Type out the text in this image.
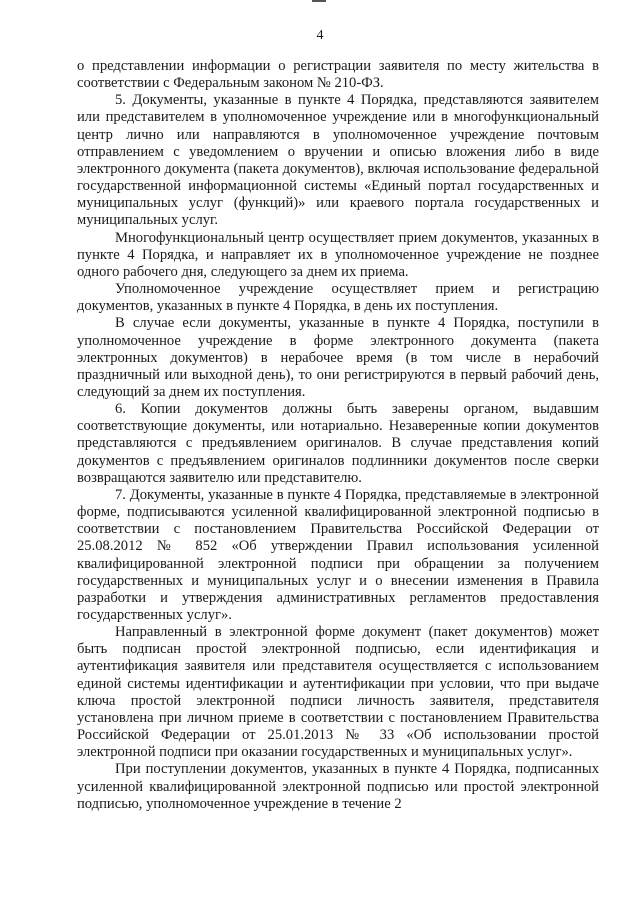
4

о представлении информации о регистрации заявителя по месту жительства в соответствии с Федеральным законом № 210-ФЗ.

5. Документы, указанные в пункте 4 Порядка, представляются заявителем или представителем в уполномоченное учреждение или в многофункциональный центр лично или направляются в уполномоченное учреждение почтовым отправлением с уведомлением о вручении и описью вложения либо в виде электронного документа (пакета документов), включая использование федеральной государственной информационной системы «Единый портал государственных и муниципальных услуг (функций)» или краевого портала государственных и муниципальных услуг.

Многофункциональный центр осуществляет прием документов, указанных в пункте 4 Порядка, и направляет их в уполномоченное учреждение не позднее одного рабочего дня, следующего за днем их приема.

Уполномоченное учреждение осуществляет прием и регистрацию документов, указанных в пункте 4 Порядка, в день их поступления.

В случае если документы, указанные в пункте 4 Порядка, поступили в уполномоченное учреждение в форме электронного документа (пакета электронных документов) в нерабочее время (в том числе в нерабочий праздничный или выходной день), то они регистрируются в первый рабочий день, следующий за днем их поступления.

6. Копии документов должны быть заверены органом, выдавшим соответствующие документы, или нотариально. Незаверенные копии документов представляются с предъявлением оригиналов. В случае представления копий документов с предъявлением оригиналов подлинники документов после сверки возвращаются заявителю или представителю.

7. Документы, указанные в пункте 4 Порядка, представляемые в электронной форме, подписываются усиленной квалифицированной электронной подписью в соответствии с постановлением Правительства Российской Федерации от 25.08.2012 № 852 «Об утверждении Правил использования усиленной квалифицированной электронной подписи при обращении за получением государственных и муниципальных услуг и о внесении изменения в Правила разработки и утверждения административных регламентов предоставления государственных услуг».

Направленный в электронной форме документ (пакет документов) может быть подписан простой электронной подписью, если идентификация и аутентификация заявителя или представителя осуществляется с использованием единой системы идентификации и аутентификации при условии, что при выдаче ключа простой электронной подписи личность заявителя, представителя установлена при личном приеме в соответствии с постановлением Правительства Российской Федерации от 25.01.2013 № 33 «Об использовании простой электронной подписи при оказании государственных и муниципальных услуг».

При поступлении документов, указанных в пункте 4 Порядка, подписанных усиленной квалифицированной электронной подписью или простой электронной подписью, уполномоченное учреждение в течение 2
